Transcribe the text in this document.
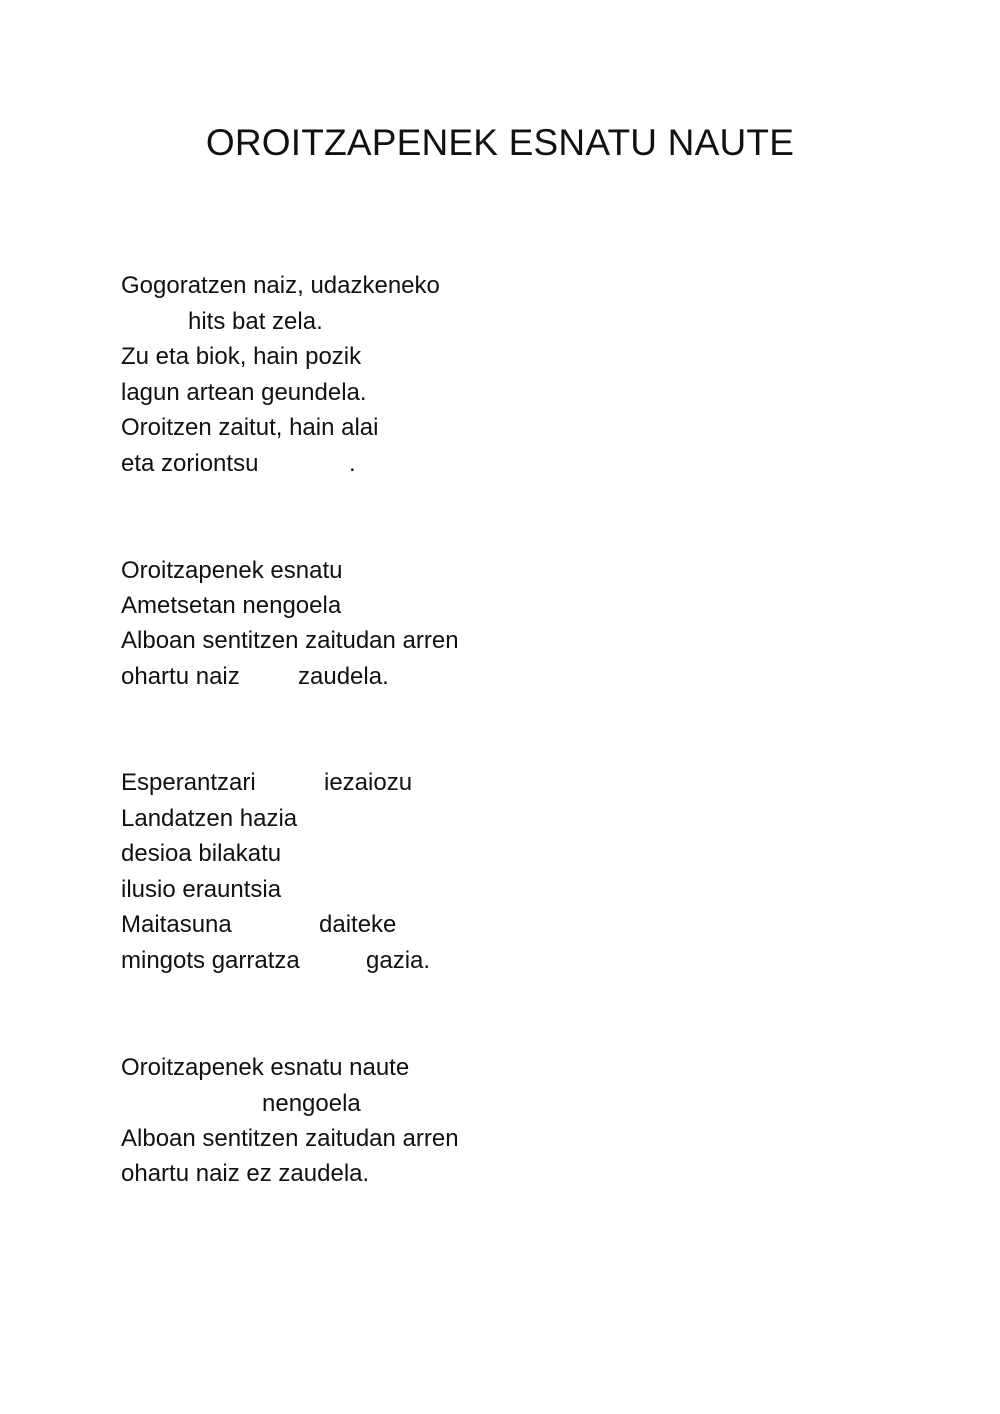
OROITZAPENEK ESNATU NAUTE

Gogoratzen naiz, udazkeneko

hits bat zela.

Zu eta biok, hain pozik

lagun artean geundela.

Oroitzen zaitut, hain alai

eta zoriontsu	.

Oroitzapenek esnatu

Ametsetan nengoela

Alboan sentitzen zaitudan arren

ohartu naiz zaudela.

Esperantzari	iezaiozu

Landatzen hazia

desioa bilakatu

ilusio erauntsia

Maitasuna	daiteke

mingots garratza	gazia.

Oroitzapenek esnatu naute

nengoela

Alboan sentitzen zaitudan arren

ohartu naiz ez zaudela.
